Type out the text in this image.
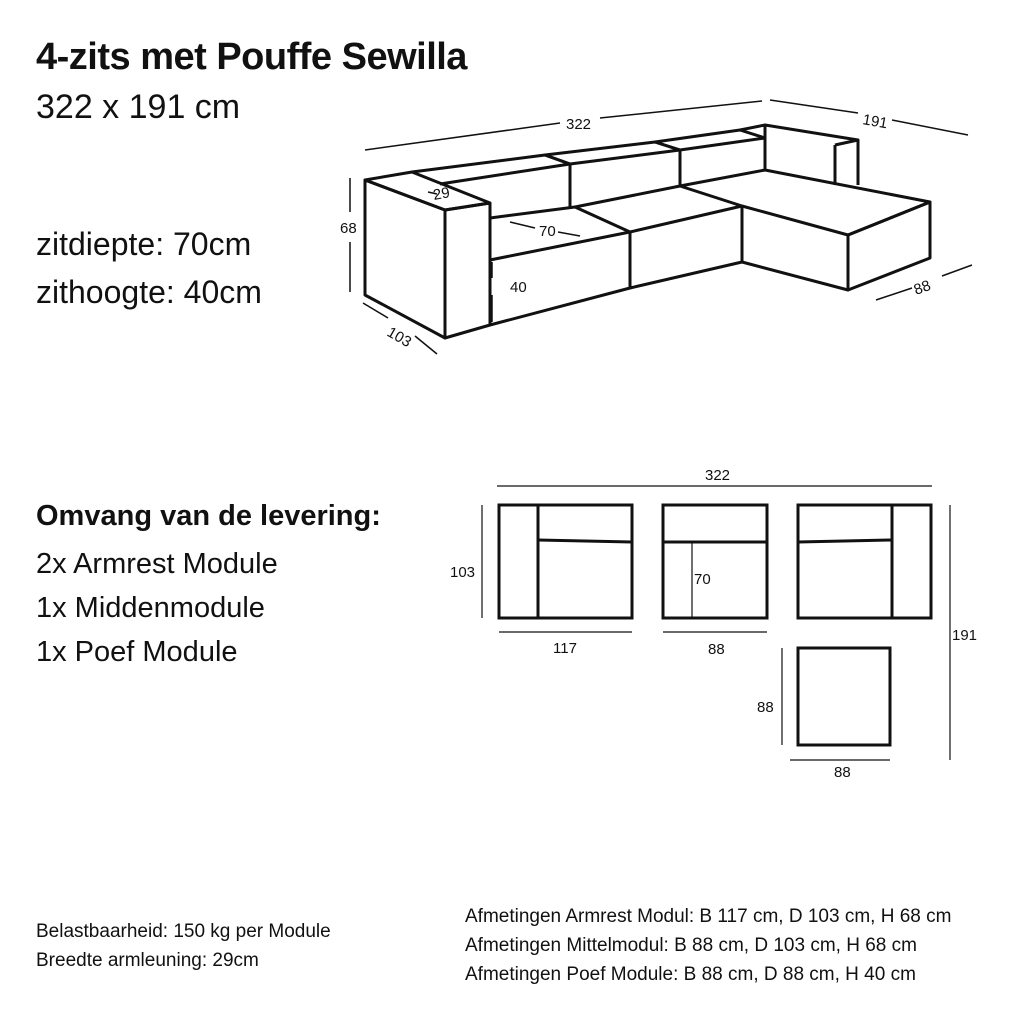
4-zits met Pouffe Sewilla
322 x 191 cm
zitdiepte: 70cm
zithoogte: 40cm
Omvang van de levering:
2x Armrest Module
1x Middenmodule
1x Poef Module
322	191
68
29
70
40
103
88
322
103
191
117	88
70
88
88
Belastbaarheid: 150 kg per Module
Breedte armleuning: 29cm
Afmetingen Armrest Modul: B 117 cm, D 103 cm, H 68 cm
Afmetingen Mittelmodul: B 88 cm, D 103 cm, H 68 cm
Afmetingen Poef Module: B 88 cm, D 88 cm, H 40 cm
